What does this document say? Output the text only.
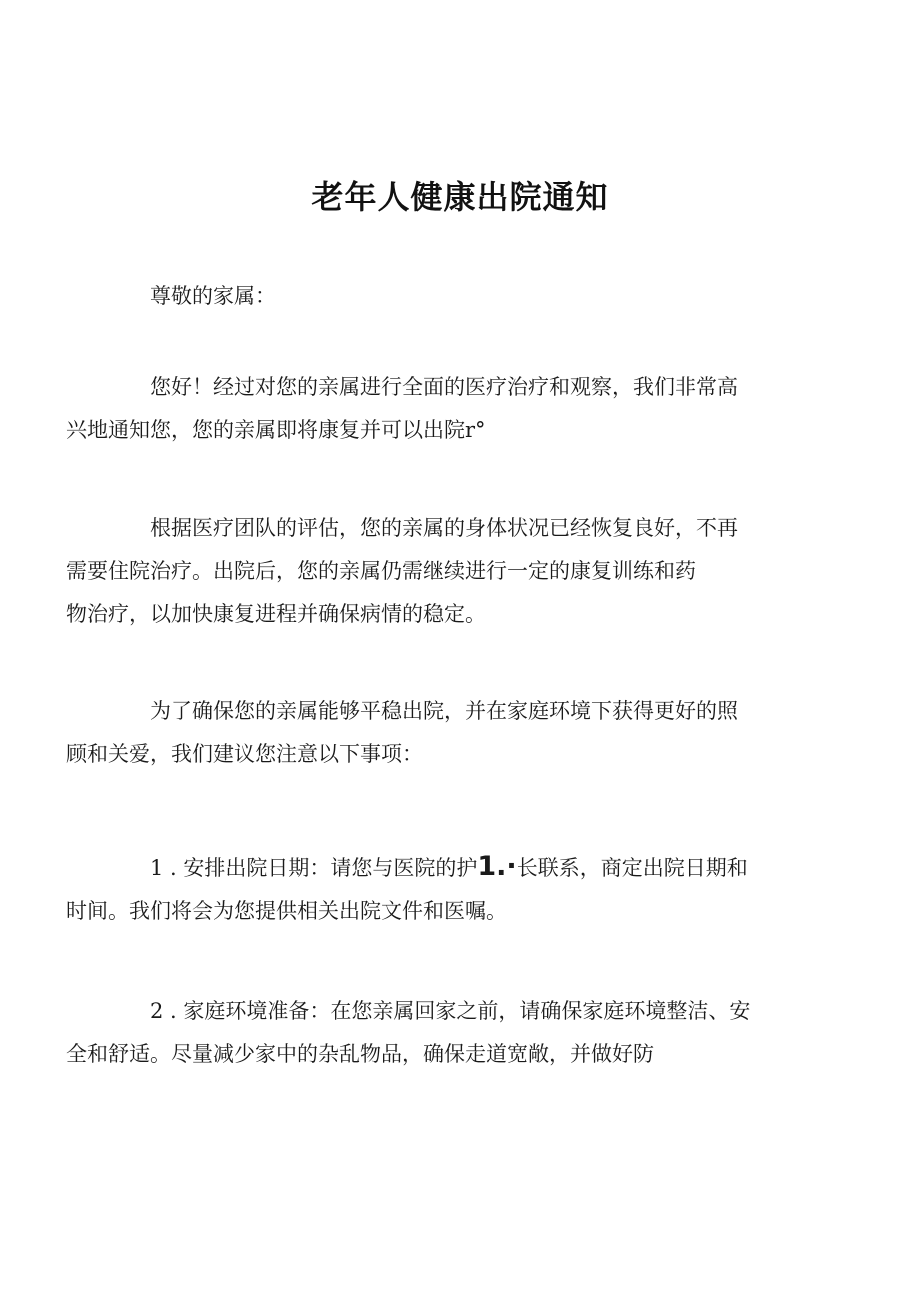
老年人健康出院通知

尊敬的家属：

您好！经过对您的亲属进行全面的医疗治疗和观察，我们非常高
兴地通知您，您的亲属即将康复并可以出院r°

根据医疗团队的评估，您的亲属的身体状况已经恢复良好，不再
需要住院治疗。出院后，您的亲属仍需继续进行一定的康复训练和药
物治疗，以加快康复进程并确保病情的稳定。

为了确保您的亲属能够平稳出院，并在家庭环境下获得更好的照
顾和关爱，我们建议您注意以下事项：

1 . 安排出院日期：请您与医院的护1.·长联系，商定出院日期和
时间。我们将会为您提供相关出院文件和医嘱。

2 . 家庭环境准备：在您亲属回家之前，请确保家庭环境整洁、安
全和舒适。尽量减少家中的杂乱物品，确保走道宽敞，并做好防
